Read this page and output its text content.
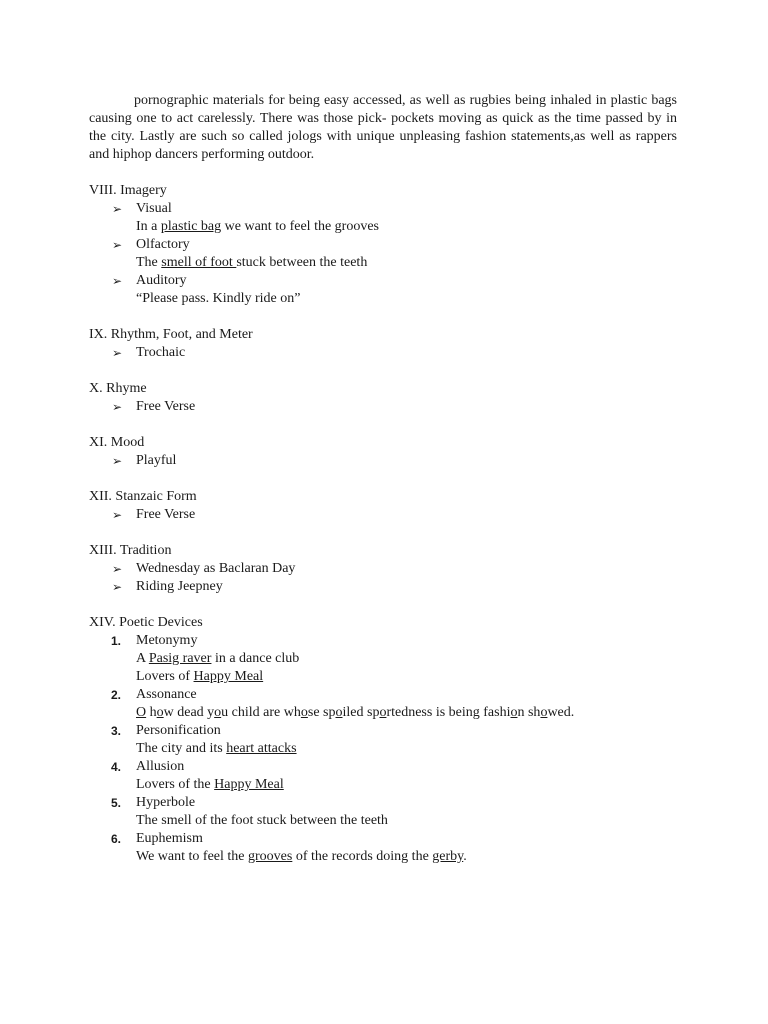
pornographic materials for being easy accessed, as well as rugbies being inhaled in plastic bags causing one to act carelessly. There was those pick- pockets moving as quick as the time passed by in the city. Lastly are such so called jologs with unique unpleasing fashion statements,as well as rappers and hiphop dancers performing outdoor.

VIII. Imagery

➢ Visual
In a plastic bag we want to feel the grooves
➢ Olfactory
The smell of foot stuck between the teeth
➢ Auditory
“Please pass. Kindly ride on”

IX. Rhythm, Foot, and Meter

➢ Trochaic

X. Rhyme

➢ Free Verse

XI. Mood

➢ Playful

XII. Stanzaic Form

➢ Free Verse

XIII. Tradition

➢ Wednesday as Baclaran Day
➢ Riding Jeepney

XIV. Poetic Devices

1.	Metonymy
A Pasig raver in a dance club
Lovers of Happy Meal
2.	Assonance
O how dead you child are whose spoiled sportedness is being fashion showed.
3.	Personification
The city and its heart attacks
4.	Allusion
Lovers of the Happy Meal
5.	Hyperbole
The smell of the foot stuck between the teeth
6.	Euphemism
We want to feel the grooves of the records doing the gerby.
